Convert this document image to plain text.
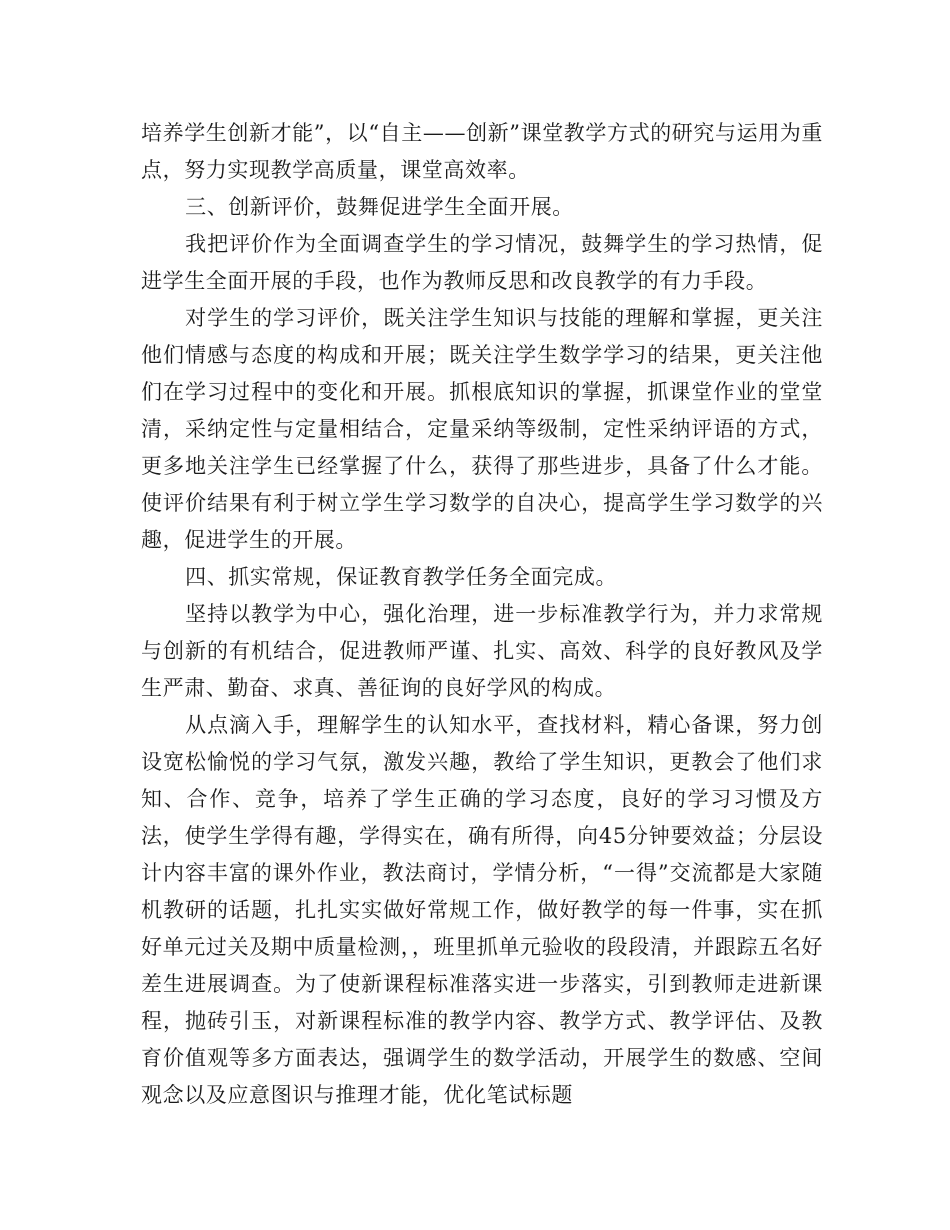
培养学生创新才能”，以“自主——创新”课堂教学方式的研究与运用为重点，努力实现教学高质量，课堂高效率。

三、创新评价，鼓舞促进学生全面开展。

我把评价作为全面调查学生的学习情况，鼓舞学生的学习热情，促进学生全面开展的手段，也作为教师反思和改良教学的有力手段。

对学生的学习评价，既关注学生知识与技能的理解和掌握，更关注他们情感与态度的构成和开展；既关注学生数学学习的结果，更关注他们在学习过程中的变化和开展。抓根底知识的掌握，抓课堂作业的堂堂清，采纳定性与定量相结合，定量采纳等级制，定性采纳评语的方式，更多地关注学生已经掌握了什么，获得了那些进步，具备了什么才能。使评价结果有利于树立学生学习数学的自决心，提高学生学习数学的兴趣，促进学生的开展。

四、抓实常规，保证教育教学任务全面完成。

坚持以教学为中心，强化治理，进一步标准教学行为，并力求常规与创新的有机结合，促进教师严谨、扎实、高效、科学的良好教风及学生严肃、勤奋、求真、善征询的良好学风的构成。

从点滴入手，理解学生的认知水平，查找材料，精心备课，努力创设宽松愉悦的学习气氛，激发兴趣，教给了学生知识，更教会了他们求知、合作、竞争，培养了学生正确的学习态度，良好的学习习惯及方法，使学生学得有趣，学得实在，确有所得，向45分钟要效益；分层设计内容丰富的课外作业，教法商讨，学情分析，“一得”交流都是大家随机教研的话题，扎扎实实做好常规工作，做好教学的每一件事，实在抓好单元过关及期中质量检测，，班里抓单元验收的段段清，并跟踪五名好差生进展调查。为了使新课程标准落实进一步落实，引到教师走进新课程，抛砖引玉，对新课程标准的教学内容、教学方式、教学评估、及教育价值观等多方面表达，强调学生的数学活动，开展学生的数感、空间观念以及应意图识与推理才能，优化笔试标题
